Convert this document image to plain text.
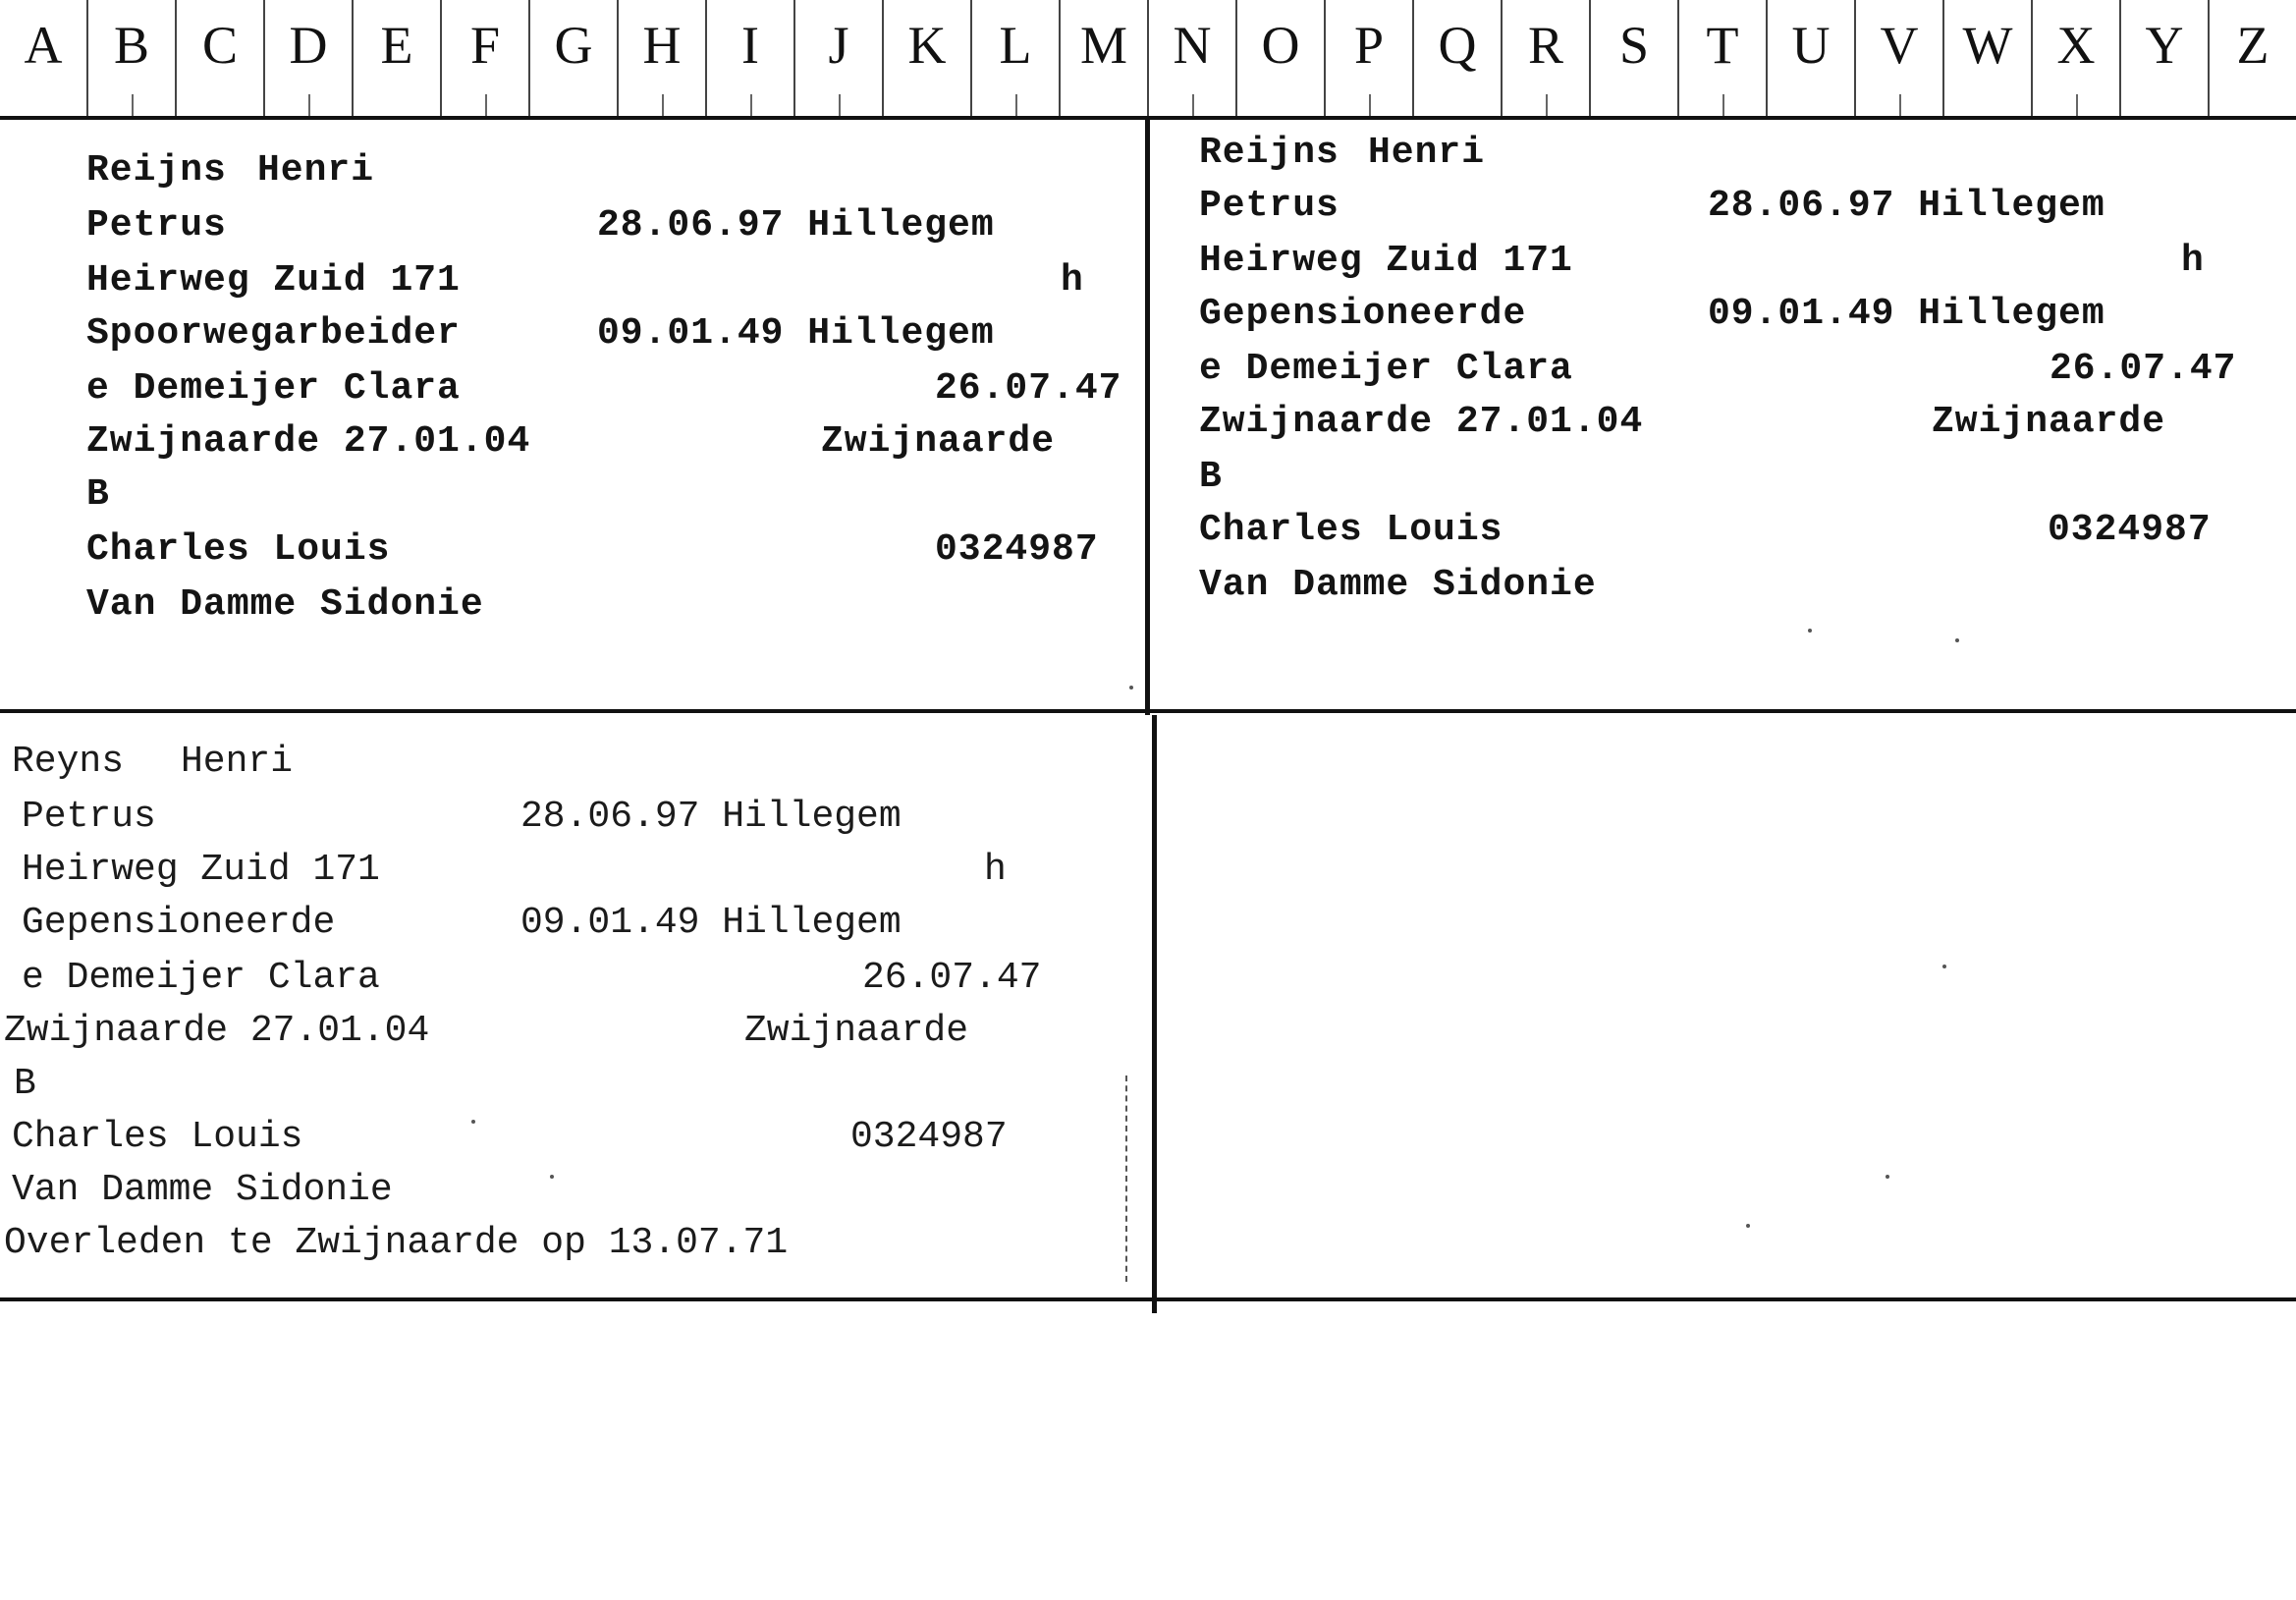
A B C D	E	F	G H	I	J	K	L M N O	P	Q R	S	T	U V W X Y	Z

Reijns

Henri

Petrus

	28.06.97 Hillegem

Heirweg Zuid 171

	h

Spoorwegarbeider

	09.01.49 Hillegem

e Demeijer Clara

	26.07.47

Zwijnaarde 27.01.04

	Zwijnaarde

B

Charles Louis

	0324987

Van Damme Sidonie

Reijns

Henri

Petrus

	28.06.97 Hillegem

Heirweg Zuid 171

	h

Gepensioneerde

	09.01.49 Hillegem

e Demeijer Clara

	26.07.47

Zwijnaarde 27.01.04

	Zwijnaarde

B

Charles Louis

	0324987

Van Damme Sidonie

Reyns

Henri

Petrus

	28.06.97 Hillegem

Heirweg Zuid 171

	h

Gepensioneerde

	09.01.49 Hillegem

e Demeijer Clara

	26.07.47

Zwijnaarde 27.01.04

	Zwijnaarde

B

Charles Louis

	0324987

Van Damme Sidonie

Overleden te Zwijnaarde op 13.07.71
